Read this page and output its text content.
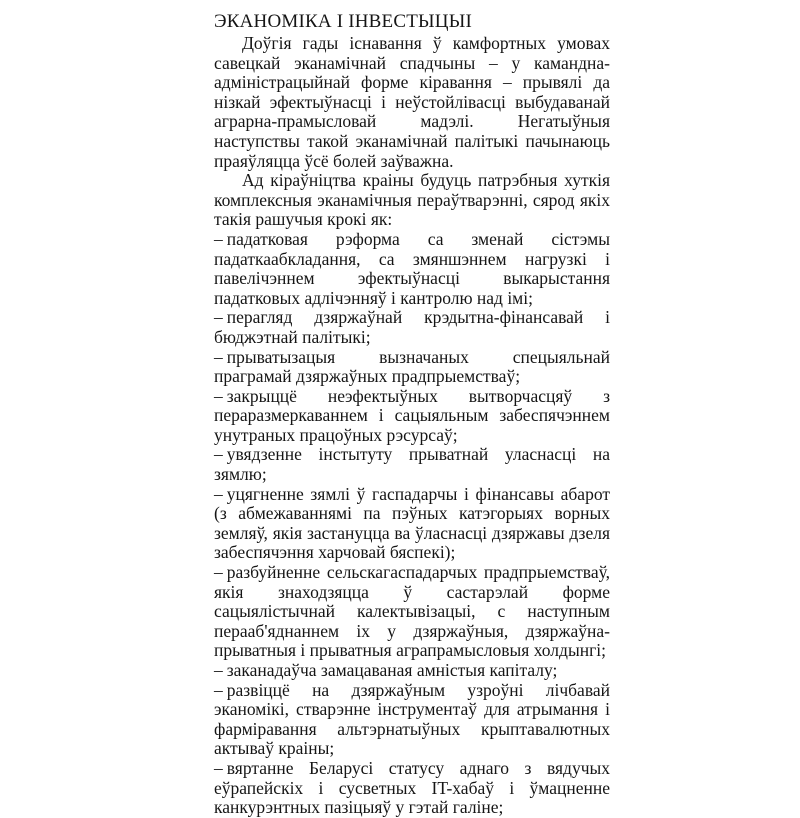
ЭКАНОМІКА І ІНВЕСТЫЦЫІ

Доўгія гады існавання ў камфортных умовах савецкай эканамічнай спадчыны – у каманднa-адміністрацыйнай форме кіравання – прывялі да нізкай эфектыўнасці і неўстойлівасці выбудаванай аграрна-прамысловай мадэлі. Негатыўныя наступствы такой эканамічнай палітыкі пачынаюць праяўляцца ўсё болей заўважна.

Ад кіраўніцтва краіны будуць патрэбныя хуткія комплексныя эканамічныя пераўтварэнні, сярод якіх такія рашучыя крокі як:

– падатковая рэформа са зменай сістэмы падаткаабкладання, са змяншэннем нагрузкі і павелічэннем эфектыўнасці выкарыстання падатковых адлічэнняў і кантролю над імі;
– перагляд дзяржаўнай крэдытна-фінансавай і бюджэтнай палітыкі;
– прыватызацыя вызначаных спецыяльнай праграмай дзяржаўных прадпрыемстваў;
– закрыццё неэфектыўных вытворчасцяў з пераразмеркаваннем і сацыяльным забеспячэннем унутраных працоўных рэсурсаў;
– увядзенне інстытуту прыватнай уласнасці на зямлю;
– уцягненне зямлі ў гаспадарчы і фінансавы абарот (з абмежаваннямі па пэўных катэгорыях ворных земляў, якія застануцца ва ўласнасці дзяржавы дзеля забеспячэння харчовай бяспекі);
– разбуйненне сельскагаспадарчых прадпрыемстваў, якія знаходзяцца ў састарэлай форме сацыялістычнай калектывізацыі, с наступным перааб'яднаннем іх у дзяржаўныя, дзяржаўна-прыватныя і прыватныя аграпрамысловыя холдынгі;
– заканадаўча замацаваная амністыя капіталу;
– развіццё на дзяржаўным узроўні лічбавай эканомікі, стварэнне інструментаў для атрымання і фарміравання альтэрнатыўных крыптавалютных актываў краіны;
– вяртанне Беларусі статусу аднаго з вядучых еўрапейскіх і сусветных IT-хабаў і ўмацненне канкурэнтных пазіцыяў у гэтай галіне;
